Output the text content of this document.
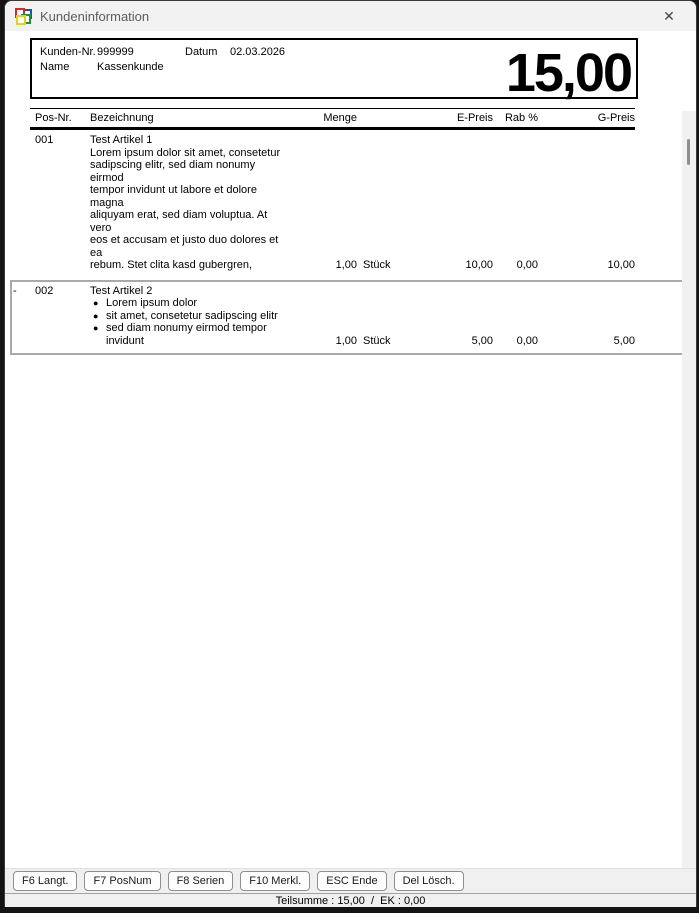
Kundeninformation	✕
Kunden-Nr. 999999	Datum	02.03.2026
Name	Kassenkunde	15,00
Pos-Nr.	Bezeichnung	Menge	E-Preis	Rab %	G-Preis
001	Test Artikel 1
Lorem ipsum dolor sit amet, consetetur
sadipscing elitr, sed diam nonumy eirmod
tempor invidunt ut labore et dolore magna
aliquyam erat, sed diam voluptua. At vero
eos et accusam et justo duo dolores et ea
rebum. Stet clita kasd gubergren,	1,00 Stück	10,00	0,00	10,00
-	002	Test Artikel 2
● Lorem ipsum dolor
● sit amet, consetetur sadipscing elitr
● sed diam nonumy eirmod tempor
invidunt	1,00 Stück	5,00	0,00	5,00
F6 Langt.	F7 PosNum	F8 Serien	F10 Merkl.	ESC Ende	Del Lösch.
Teilsumme : 15,00  /  EK : 0,00
